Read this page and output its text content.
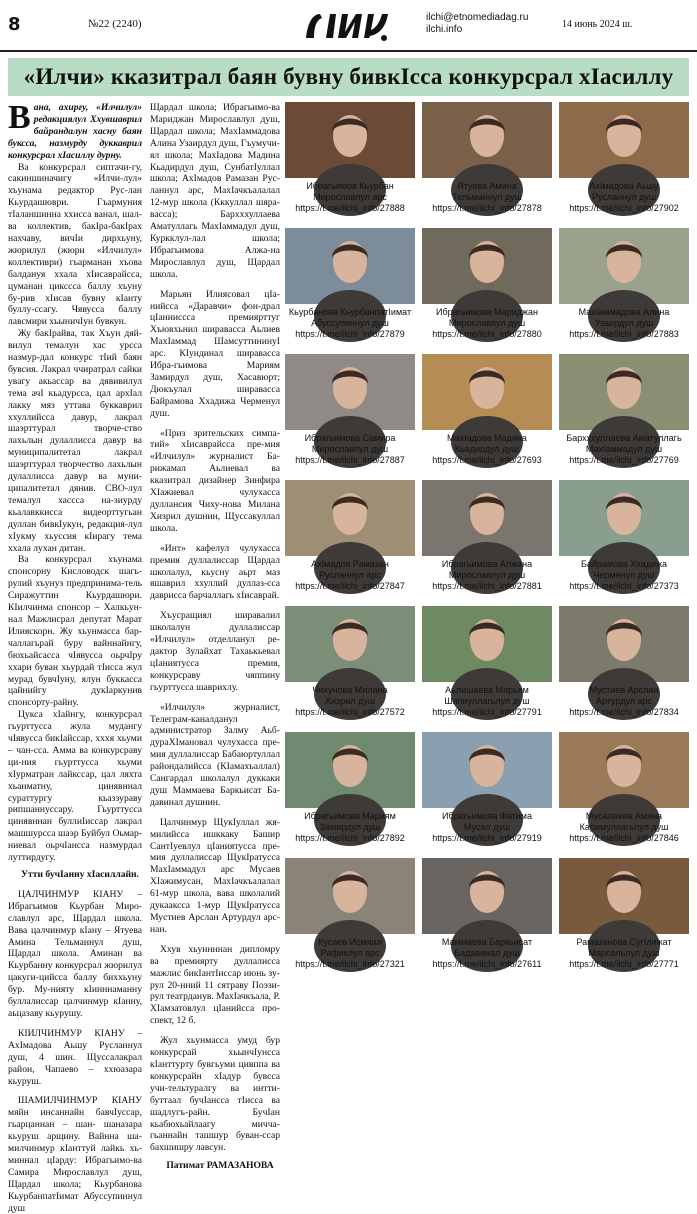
8	№22 (2240)
ilchi@etnomediadag.ru
ilchi.info	14 июнь 2024 ш.
«Илчи» кказитрал баян бувну бивкӀсса конкурсрал хӀасиллу

Вана, ахирғу, «Илчилул» редакциялул Ххувшаврил байрандалун хасну баян буксса, назмурду дуккаврил конкурсрал хӀасиллу дурну.

Ва конкурсрал сиптачи-гу, сакиншиначигу «Илчи-лул» хъунама редактор Рус-лан Кьурдашюври. Гъармуния тӀаланшинна ххисса ванал, шал-ва коллектив, бакӀра-бакӀрах нахчаву, вичӀи дирхьуну, жюрилул (жюри «Илчилул» коллективри) гьарманан хъова балдануя ххала хӀисаврайсса, цуманан цикссса баллу хъуну бу-рив хӀисав бувну кӀанту буллу-ссагу. Чявусса баллу лавсмири хьыничӀун бувкун.

Жу бакӀрайва, так Хъун дяй-вилул темалун хас урсса назмур-дал конкурс тӀий баян бувсия. Лакрал ччиратрал сайки увагу акьассар ва дявивилул тема ачӀ кьадурсса, цал архӀал лакку мяз уттава буккаврил ххуллийсса давур, лакрал шаэрттурал творче-ство лахьлын дулаллисса давур ва муниципалитетал лакрал шаэрттурал творчество лахьлын дулаллисса давур ва муни-ципалитетал дянив. СВО-лул темалул хассса на-зиурду кьалавккисса видеорттугьан дуллан бивкӀукун, редакция-лул хӀукму хьусcия кӀирагу тема ххала лухан дитан.

Ва конкурсрал хъунама спонсорну Кисловодск шагь-рулий хъунуз предпринима-тель Сиражуттин Кьурдашюри. КӀилчинма спонсор – Халкьун-нал Мажлисрал депутат Марат Илияскорн. Жу хьунмасса бар-чаллагьрай буру вайннайнгу, бюхьайсасса чӀявусса оьрчӀру ххари буван хьурдай тӀисса жул мурад бувчӀуну, ялун буккасса цайнийгу дукӀаркунив спонсорту-райну.

Цукса хӀайнгу, конкурсрал гьурттусса жула мудангу чӀявусса бикӀайссар, хххя хьуми – чан-сса. Амма ва конкурсраву ци-ния гьурттусса хьуми хӀурматран лайкссар, цал ляхта хьанматну, цинявннал сураттургу кьаззураву рипшаннуссару. Гьурттусса цинявннан буллиӀиссар лакрал машшурсса шаэр Буйбул Оьмар-ниевал оьрчӀансса назмурдал луттирдугу.

Утти бучӀанну хӀасиллайн.

ЦАЛЧИНМУР КӀАНУ – Ибрагьимов Кьурбан Миро-славлул арс, Щардал школа. Вава цалчинмур кӀану – Ятуева Амина Тельманнул душ, Щардал школа. Аминан ва Кьурбанну конкурсрал жюрилул цакуги-цийсса баллу биххьуну бур. Му-нияту кӀинннаманну буллалиссар цалчинмур кӀанну, аьцазаву кьурушу.

КӀИЛЧИНМУР КӀАНУ – АхӀмадова Аьшу Русланнул душ, 4 шин. Щуссалакрал район, Чапаево – ххюазара кьуруш.

ШАМИЛЧИНМУР КӀАНУ мяйн инсаннайн бавчӀуссар, гьарцаннан – шан- шаназара кьуруш арщину. Вайнна ша-милчинмур кӀанттуй лайкь хь-миннал цӀарду: Ибрагьимо-ва Самира Мирославлул душ, Щардал школа; Кьурбанова КьурбанпатӀимат Абуссупиннул душ

Щардал школа; Ибрагьимо-ва Мариджан Мирославлул душ, Щардал школа; МахӀаммадова Алина Узаирдул душ, Гъумучи-ял школа; МахӀадова Мадина Кьадирдул душ, СунбатӀуллал школа; АхӀмадов Рамазан Рус-ланнул арс, МахӀачкъалалал 12-мур школа (Кккуллал шяра-васса); Бархххуллаева Аматуллагь МахӀаммадул душ, Куркклул-лал школа; Ибрагьимова Алжа-на Мирославлул душ, Щардал школа.

Марьян Илиясовал цӀа-нийсса «Даравчи» фон-драл цӀанииссса премиярттуг Хъювхьнил ширавасса Аьлиев МахӀаммад ШамсуттининуӀ арс. КӀундинал ширавасса Ибра-гьимова Мариям Замирдул душ, Хасавюрт; Дюкъулал ширавасса Байрамова Ххадижа Черменул душ.

«Приз зрительских симпа-тий» хӀисаврайсса пре-мия «Илчилул» журналист Ба-рижамал Аьлиевал ва кказитрал дизайнер Зинфира ХӀажиевал чулухасса дуллансия Чиху-нова Милана Хизрил душнин, Щуссакуллал школа.

«Инт» кафелул чулухасса премия дуллалиссар Щардал школалул, кьусну аьрт маз яшаврил ххуллий дуллаз-сса даврисса барчаллагь хӀисаврай.

Хъусращиял ширавалил школалун дуллалиссар «Илчилул» отделланул ре-дактор Зулайхат Тахаькьевал цӀаниятусса премия, конкурсраву чяппину гьурттусса шаврихлу.

«Илчилул» журналист, Телеграм-каналданул администратор Залму Аьб-дураХӀмановал чулухасса пре-мия дуллалиссар Бабаюртуллал райондалийсса (КӀамахъаллал) Сангардал школалул дуккаки душ Маммаева Баркьисат Ба-давинал душнин.

Цалчинмур ЩукӀуллал жя-милийсса ишккаку Башир СантӀуевлул цӀаниятусса пре-мия дуллалиссар ЩукӀратусса МахӀаммадул арс Мусаев ХӀажимусан, МахӀачкъалалал 61-мур школа, вава школалий дукааксса 1-мур ЩукӀратусса Мустиев Арслан Артурдул арс-нан.

Ххув хьуннннан дипломру ва премиярту дуллалисса мажлис бикӀантӀиссар июнь зу-рул 20-нний 11 сятраву Поэзи-рул театрданув. МахӀачкъала, Р. ХӀамзатовлул цӀанийсса про-спект, 12 б.

Жул хьунмасса умуд бур конкурсрай хьынчӀунсса кӀанттурту бувгьуми цивппа ва конкурсрайн хӀадур бувсса учи-тельтуралгу ва интти-буттаал бучӀансса тӀисса ва шадлугъ-райн. БучӀан кьабюхьайлаагу мичча-гьаннайн ташшур буван-ссар бахшишру лавсун.

Патимат РАМАЗАНОВА

Ибрагьимов Кьурбан
Мирославлул арс
https://t.me/ilchi_info/27888
Ятуева Амина
Тельманнул душ
https://t.me/ilchi_info/27878
АхӀмадова Аьшу
Русланнул душ
https://t.me/ilchi_info/27902
Кьурбанова КьурбанпатӀимат
Абуссупиннул душ
https://t.me/ilchi_info/27879
Ибрагьимова Мариджан
Мирославлул душ
https://t.me/ilchi_info/27880
МахӀаммадова Алина
Узаирдул душ
https://t.me/ilchi_info/27883
Ибрагьимова Самира
Мирославлул душ
https://t.me/ilchi_info/27887
МахӀадова Мадина
Кьадирдул душ
https://t.me/ilchi_info/27693
Бархххуллаева Аматуллагь
МахӀаммадул душ
https://t.me/ilchi_info/27769
АхӀмадов Рамазан
Русланнул арс
https://t.me/ilchi_info/27847
Ибрагьимова Алжана
Мирославлул душ
https://t.me/ilchi_info/27881
Байрамова Ххадижа
Черменул душ
https://t.me/ilchi_info/27373
Чихунова Милана
Хизрил душ
https://t.me/ilchi_info/27572
Аьлишаева Марьям
Шапиуллагьлул душ
https://t.me/ilchi_info/27791
Мустиев Арслан
Артурдул арс
https://t.me/ilchi_info/27834
Ибрагьимова Мариям
Замирдул душ
https://t.me/ilchi_info/27892
Ибрагьимова Фатима
Мусал душ
https://t.me/ilchi_info/27919
Мусалаева Амина
Каримуллагьлул душ
https://t.me/ilchi_info/27846
Кусаев Исмяил
Рафиклул арс
https://t.me/ilchi_info/27321
Маммаева Баркьисат
Бадавинал душ
https://t.me/ilchi_info/27611
Рамазанова СугӀлижат
Марсельлул душ
https://t.me/ilchi_info/27771
